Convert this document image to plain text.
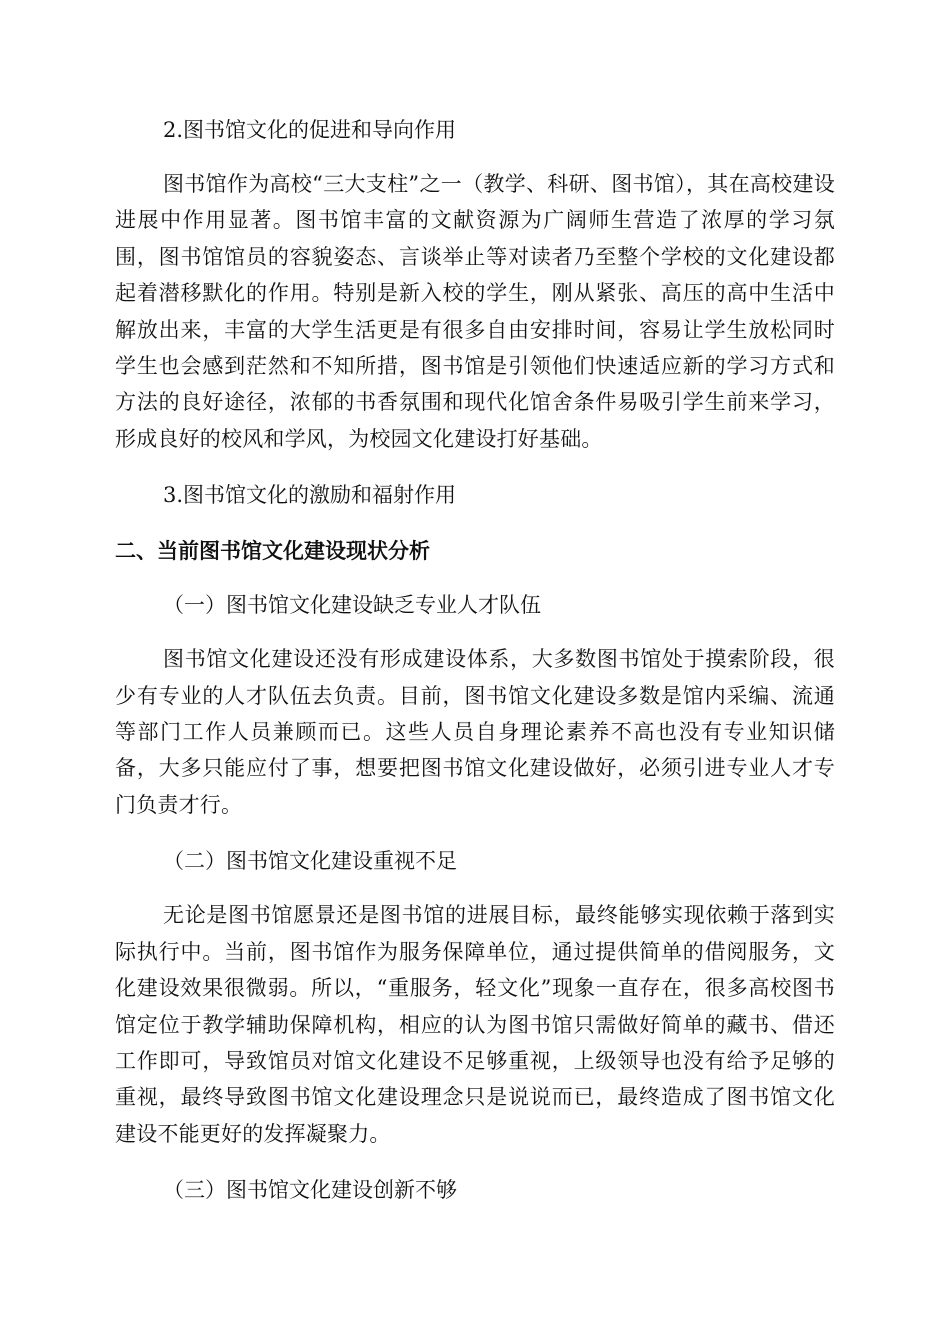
2.图书馆文化的促进和导向作用

图书馆作为高校“三大支柱”之一（教学、科研、图书馆），其在高校建设进展中作用显著。图书馆丰富的文献资源为广阔师生营造了浓厚的学习氛围，图书馆馆员的容貌姿态、言谈举止等对读者乃至整个学校的文化建设都起着潜移默化的作用。特别是新入校的学生，刚从紧张、高压的高中生活中解放出来，丰富的大学生活更是有很多自由安排时间，容易让学生放松同时学生也会感到茫然和不知所措，图书馆是引领他们快速适应新的学习方式和方法的良好途径，浓郁的书香氛围和现代化馆舍条件易吸引学生前来学习，形成良好的校风和学风，为校园文化建设打好基础。

3.图书馆文化的激励和福射作用

二、当前图书馆文化建设现状分析

（一）图书馆文化建设缺乏专业人才队伍

图书馆文化建设还没有形成建设体系，大多数图书馆处于摸索阶段，很少有专业的人才队伍去负责。目前，图书馆文化建设多数是馆内采编、流通等部门工作人员兼顾而已。这些人员自身理论素养不高也没有专业知识储备，大多只能应付了事，想要把图书馆文化建设做好，必须引进专业人才专门负责才行。

（二）图书馆文化建设重视不足

无论是图书馆愿景还是图书馆的进展目标，最终能够实现依赖于落到实际执行中。当前，图书馆作为服务保障单位，通过提供简单的借阅服务，文化建设效果很微弱。所以，“重服务，轻文化”现象一直存在，很多高校图书馆定位于教学辅助保障机构，相应的认为图书馆只需做好简单的藏书、借还工作即可，导致馆员对馆文化建设不足够重视，上级领导也没有给予足够的重视，最终导致图书馆文化建设理念只是说说而已，最终造成了图书馆文化建设不能更好的发挥凝聚力。

（三）图书馆文化建设创新不够
